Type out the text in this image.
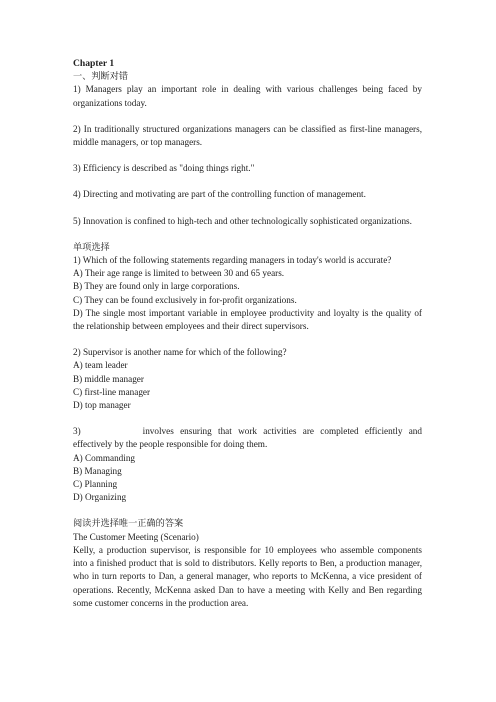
Chapter 1
一、判断对错

1) Managers play an important role in dealing with various challenges being faced by organizations today.

2) In traditionally structured organizations managers can be classified as first-line managers, middle managers, or top managers.

3) Efficiency is described as "doing things right."

4) Directing and motivating are part of the controlling function of management.

5) Innovation is confined to high-tech and other technologically sophisticated organizations.

单项选择

1) Which of the following statements regarding managers in today's world is accurate?

A) Their age range is limited to between 30 and 65 years.
B) They are found only in large corporations.
C) They can be found exclusively in for-profit organizations.

D) The single most important variable in employee productivity and loyalty is the quality of the relationship between employees and their direct supervisors.

2) Supervisor is another name for which of the following?

A) team leader
B) middle manager
C) first-line manager
D) top manager

3)	involves ensuring that work activities are completed efficiently and effectively by the people responsible for doing them.

A) Commanding
B) Managing
C) Planning
D) Organizing
阅读并选择唯一正确的答案
The Customer Meeting (Scenario)

Kelly, a production supervisor, is responsible for 10 employees who assemble components into a finished product that is sold to distributors. Kelly reports to Ben, a production manager, who in turn reports to Dan, a general manager, who reports to McKenna, a vice president of operations. Recently, McKenna asked Dan to have a meeting with Kelly and Ben regarding some customer concerns in the production area.
